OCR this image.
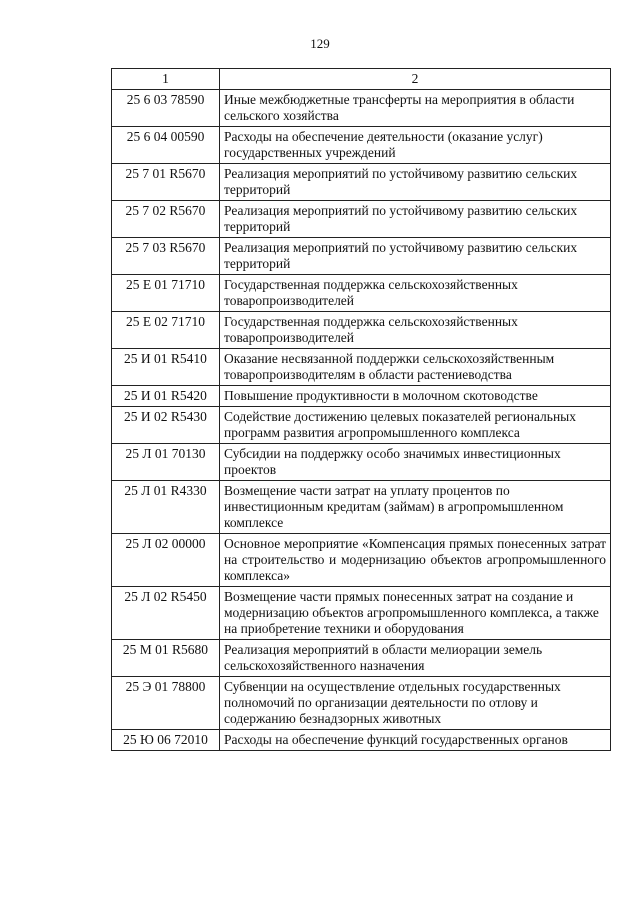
129
1	2
25 6 03 78590	Иные межбюджетные трансферты на мероприятия в области сельского хозяйства
25 6 04 00590	Расходы на обеспечение деятельности (оказание услуг) государственных учреждений
25 7 01 R5670	Реализация мероприятий по устойчивому развитию сельских территорий
25 7 02 R5670	Реализация мероприятий по устойчивому развитию сельских территорий
25 7 03 R5670	Реализация мероприятий по устойчивому развитию сельских территорий
25 Е 01 71710	Государственная поддержка сельскохозяйственных товаропроизводителей
25 Е 02 71710	Государственная поддержка сельскохозяйственных товаропроизводителей
25 И 01 R5410	Оказание несвязанной поддержки сельскохозяйственным товаропроизводителям в области растениеводства
25 И 01 R5420	Повышение продуктивности в молочном скотоводстве
25 И 02 R5430	Содействие достижению целевых показателей региональных программ развития агропромышленного комплекса
25 Л 01 70130	Субсидии на поддержку особо значимых инвестиционных проектов
25 Л 01 R4330	Возмещение части затрат на уплату процентов по инвестиционным кредитам (займам) в агропромышленном комплексе
25 Л 02 00000	Основное мероприятие «Компенсация прямых понесенных затрат на строительство и модернизацию объектов агропромышленного комплекса»
25 Л 02 R5450	Возмещение части прямых понесенных затрат на создание и модернизацию объектов агропромышленного комплекса, а также на приобретение техники и оборудования
25 М 01 R5680	Реализация мероприятий в области мелиорации земель сельскохозяйственного назначения
25 Э 01 78800	Субвенции на осуществление отдельных государственных полномочий по организации деятельности по отлову и содержанию безнадзорных животных
25 Ю 06 72010	Расходы на обеспечение функций государственных органов
